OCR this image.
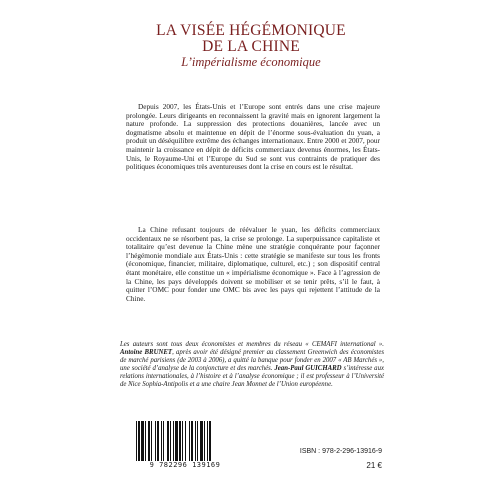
LA VISÉE HÉGÉMONIQUE
DE LA CHINE
L’impérialisme économique

Depuis 2007, les États-Unis et l’Europe sont entrés dans une crise majeure prolongée. Leurs dirigeants en reconnaissent la gravité mais en ignorent largement la nature profonde. La suppression des protections douanières, lancée avec un dogmatisme absolu et maintenue en dépit de l’énorme sous-évaluation du yuan, a produit un déséquilibre extrême des échanges internationaux. Entre 2000 et 2007, pour maintenir la croissance en dépit de déficits commerciaux devenus énormes, les États-Unis, le Royaume-Uni et l’Europe du Sud se sont vus contraints de pratiquer des politiques économiques très aventureuses dont la crise en cours est le résultat.

La Chine refusant toujours de réévaluer le yuan, les déficits commerciaux occidentaux ne se résorbent pas, la crise se prolonge. La superpuissance capitaliste et totalitaire qu’est devenue la Chine mène une stratégie conquérante pour façonner l’hégémonie mondiale aux États-Unis : cette stratégie se manifeste sur tous les fronts (économique, financier, militaire, diplomatique, culturel, etc.) ; son dispositif central étant monétaire, elle constitue un « impérialisme économique ». Face à l’agression de la Chine, les pays développés doivent se mobiliser et se tenir prêts, s’il le faut, à quitter l’OMC pour fonder une OMC bis avec les pays qui rejettent l’attitude de la Chine.

Les auteurs sont tous deux économistes et membres du réseau « CEMAFI international ». Antoine BRUNET, après avoir été désigné premier au classement Greenwich des économistes de marché parisiens (de 2003 à 2006), a quitté la banque pour fonder en 2007 « AB Marchés », une société d’analyse de la conjoncture et des marchés. Jean-Paul GUICHARD s’intéresse aux relations internationales, à l’histoire et à l’analyse économique ; il est professeur à l’Université de Nice Sophia-Antipolis et a une chaire Jean Monnet de l’Union européenne.
9 782296 139169
ISBN : 978-2-296-13916-9
21 €
